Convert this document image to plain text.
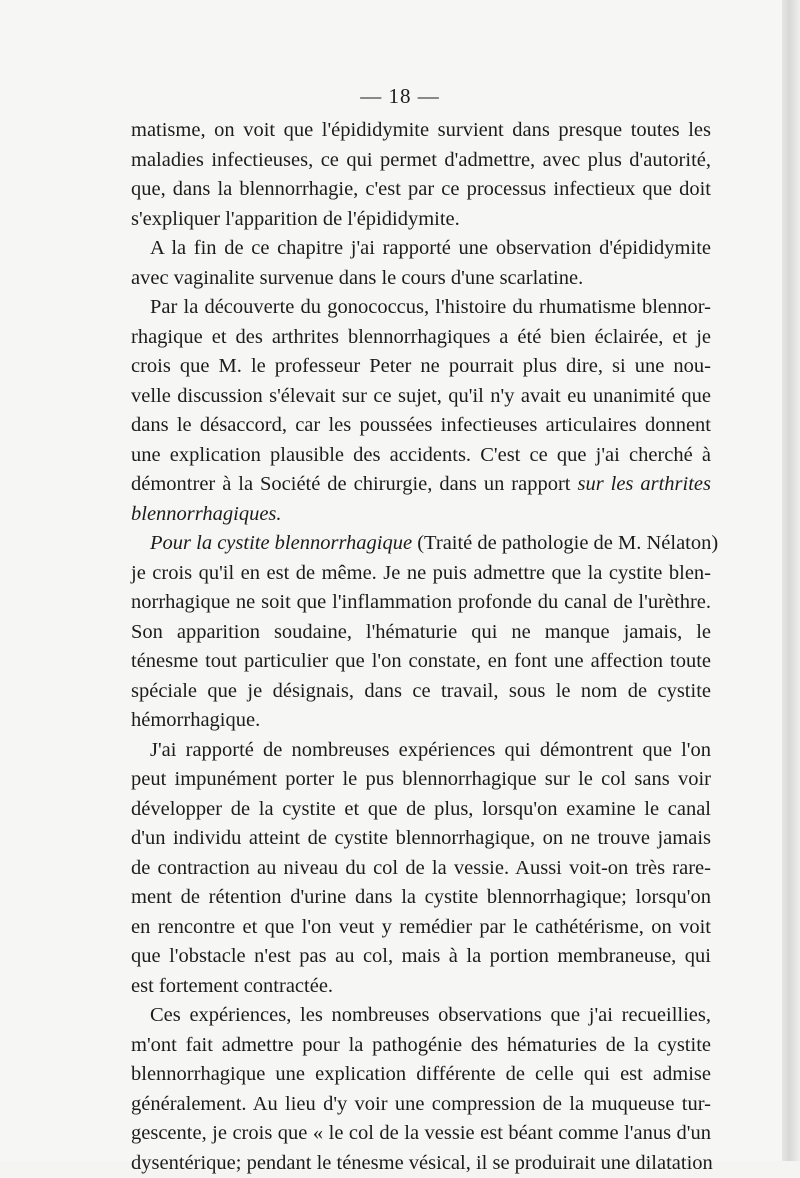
— 18 —
matisme, on voit que l'épididymite survient dans presque toutes les
maladies infectieuses, ce qui permet d'admettre, avec plus d'autorité,
que, dans la blennorrhagie, c'est par ce processus infectieux que doit
s'expliquer l'apparition de l'épididymite.
A la fin de ce chapitre j'ai rapporté une observation d'épididymite
avec vaginalite survenue dans le cours d'une scarlatine.
Par la découverte du gonococcus, l'histoire du rhumatisme blennor-
rhagique et des arthrites blennorrhagiques a été bien éclairée, et je
crois que M. le professeur Peter ne pourrait plus dire, si une nou-
velle discussion s'élevait sur ce sujet, qu'il n'y avait eu unanimité que
dans le désaccord, car les poussées infectieuses articulaires donnent
une explication plausible des accidents. C'est ce que j'ai cherché à
démontrer à la Société de chirurgie, dans un rapport sur les arthrites
blennorrhagiques.
Pour la cystite blennorrhagique (Traité de pathologie de M. Nélaton)
je crois qu'il en est de même. Je ne puis admettre que la cystite blen-
norrhagique ne soit que l'inflammation profonde du canal de l'urèthre.
Son apparition soudaine, l'hématurie qui ne manque jamais, le
ténesme tout particulier que l'on constate, en font une affection toute
spéciale que je désignais, dans ce travail, sous le nom de cystite
hémorrhagique.
J'ai rapporté de nombreuses expériences qui démontrent que l'on
peut impunément porter le pus blennorrhagique sur le col sans voir
développer de la cystite et que de plus, lorsqu'on examine le canal
d'un individu atteint de cystite blennorrhagique, on ne trouve jamais
de contraction au niveau du col de la vessie. Aussi voit-on très rare-
ment de rétention d'urine dans la cystite blennorrhagique; lorsqu'on
en rencontre et que l'on veut y remédier par le cathétérisme, on voit
que l'obstacle n'est pas au col, mais à la portion membraneuse, qui
est fortement contractée.
Ces expériences, les nombreuses observations que j'ai recueillies,
m'ont fait admettre pour la pathogénie des hématuries de la cystite
blennorrhagique une explication différente de celle qui est admise
généralement. Au lieu d'y voir une compression de la muqueuse tur-
gescente, je crois que « le col de la vessie est béant comme l'anus d'un
dysentérique; pendant le ténesme vésical, il se produirait une dilatation
